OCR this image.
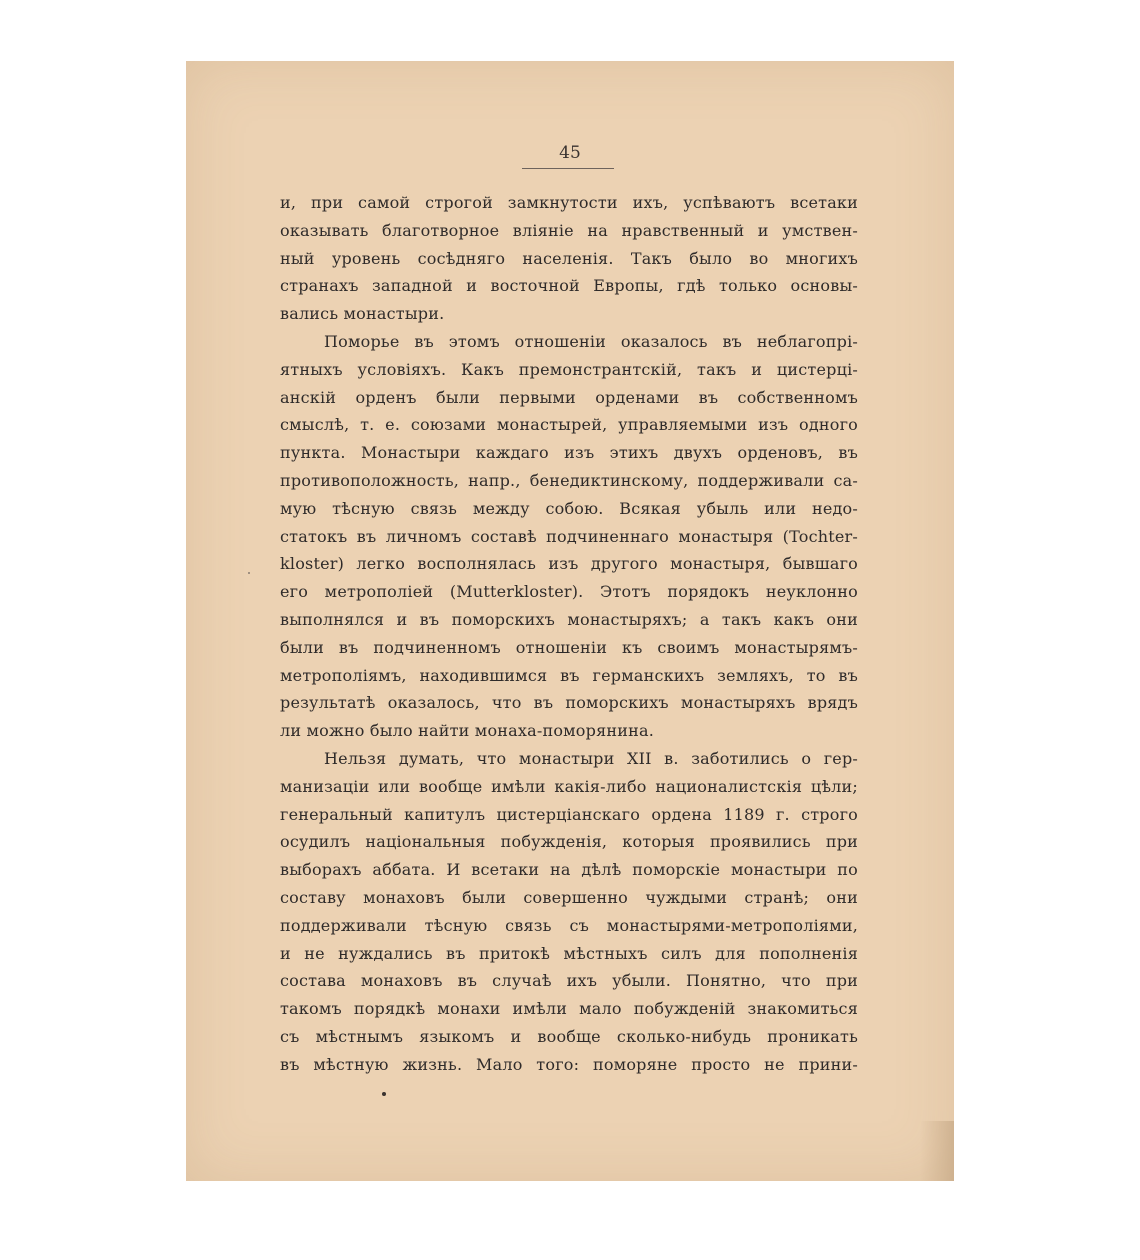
45
и, при самой строгой замкнутости ихъ, успѣваютъ всетаки
оказывать благотворное вліяніе на нравственный и умствен-
ный уровень сосѣдняго населенія. Такъ было во многихъ
странахъ западной и восточной Европы, гдѣ только основы-
вались монастыри.
Поморье въ этомъ отношеніи оказалось въ неблагопрі-
ятныхъ условіяхъ. Какъ премонстрантскій, такъ и цистерці-
анскій орденъ были первыми орденами въ собственномъ
смыслѣ, т. е. союзами монастырей, управляемыми изъ одного
пункта. Монастыри каждаго изъ этихъ двухъ орденовъ, въ
противоположность, напр., бенедиктинскому, поддерживали са-
мую тѣсную связь между собою. Всякая убыль или недо-
статокъ въ личномъ составѣ подчиненнаго монастыря (Tochter-
kloster) легко восполнялась изъ другого монастыря, бывшаго
его метрополіей (Mutterkloster). Этотъ порядокъ неуклонно
выполнялся и въ поморскихъ монастыряхъ; а такъ какъ они
были въ подчиненномъ отношеніи къ своимъ монастырямъ-
метрополіямъ, находившимся въ германскихъ земляхъ, то въ
результатѣ оказалось, что въ поморскихъ монастыряхъ врядъ
ли можно было найти монаха-поморянина.
Нельзя думать, что монастыри XII в. заботились о гер-
манизаціи или вообще имѣли какія-либо националистскія цѣли;
генеральный капитулъ цистерціанскаго ордена 1189 г. строго
осудилъ національныя побужденія, которыя проявились при
выборахъ аббата. И всетаки на дѣлѣ поморскіе монастыри по
составу монаховъ были совершенно чуждыми странѣ; они
поддерживали тѣсную связь съ монастырями-метрополіями,
и не нуждались въ притокѣ мѣстныхъ силъ для пополненія
состава монаховъ въ случаѣ ихъ убыли. Понятно, что при
такомъ порядкѣ монахи имѣли мало побужденій знакомиться
съ мѣстнымъ языкомъ и вообще сколько-нибудь проникать
въ мѣстную жизнь. Мало того: поморяне просто не прини-
